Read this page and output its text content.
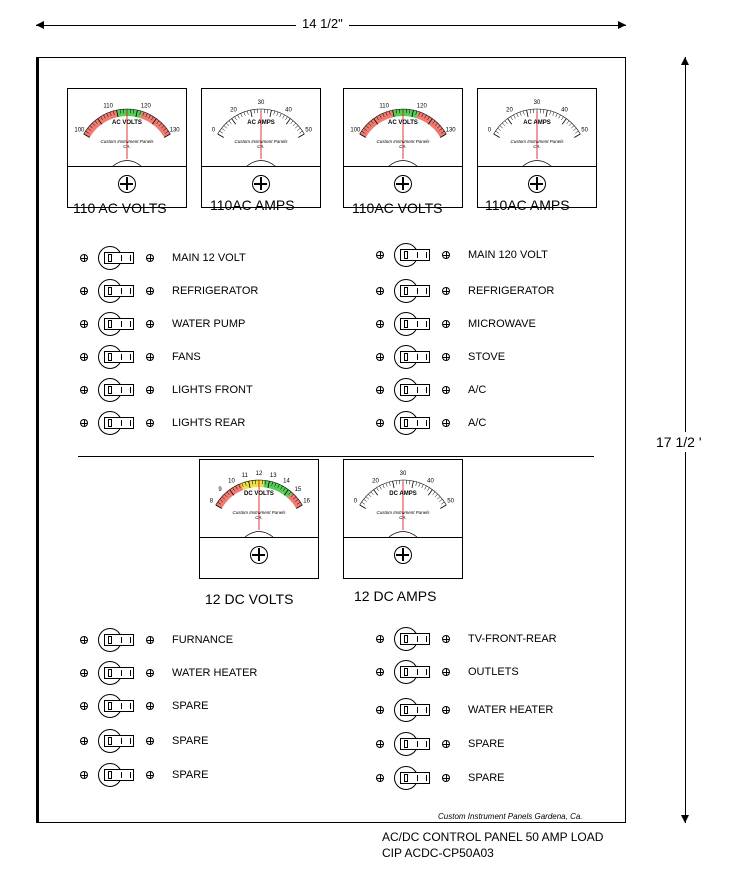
14 1/2"
17 1/2 '
100
110	120
130
AC VOLTS
Custom Instrument Panels
CA.
0
20
30
40
50
AC AMPS
Custom Instrument Panels
CA.
100
110	120
130
AC VOLTS
Custom Instrument Panels
CA.
0
20
30
40
50
AC AMPS
Custom Instrument Panels
CA.
8
9
10
11 12 13
14
15
16
DC VOLTS
Custom Instrument Panels
CA.
0
20
30
40
50
DC AMPS
Custom Instrument Panels
CA.
110 AC VOLTS	110AC AMPS	110AC VOLTS	110AC AMPS
12 DC VOLTS	12 DC AMPS
MAIN 12 VOLT
REFRIGERATOR
WATER PUMP
FANS
LIGHTS FRONT
LIGHTS REAR
MAIN 120 VOLT
REFRIGERATOR
MICROWAVE
STOVE
A/C
A/C
FURNANCE
WATER HEATER
SPARE
SPARE
SPARE
TV-FRONT-REAR
OUTLETS
WATER HEATER
SPARE
SPARE
Custom Instrument Panels Gardena, Ca.
AC/DC CONTROL PANEL 50 AMP LOAD
CIP ACDC-CP50A03
